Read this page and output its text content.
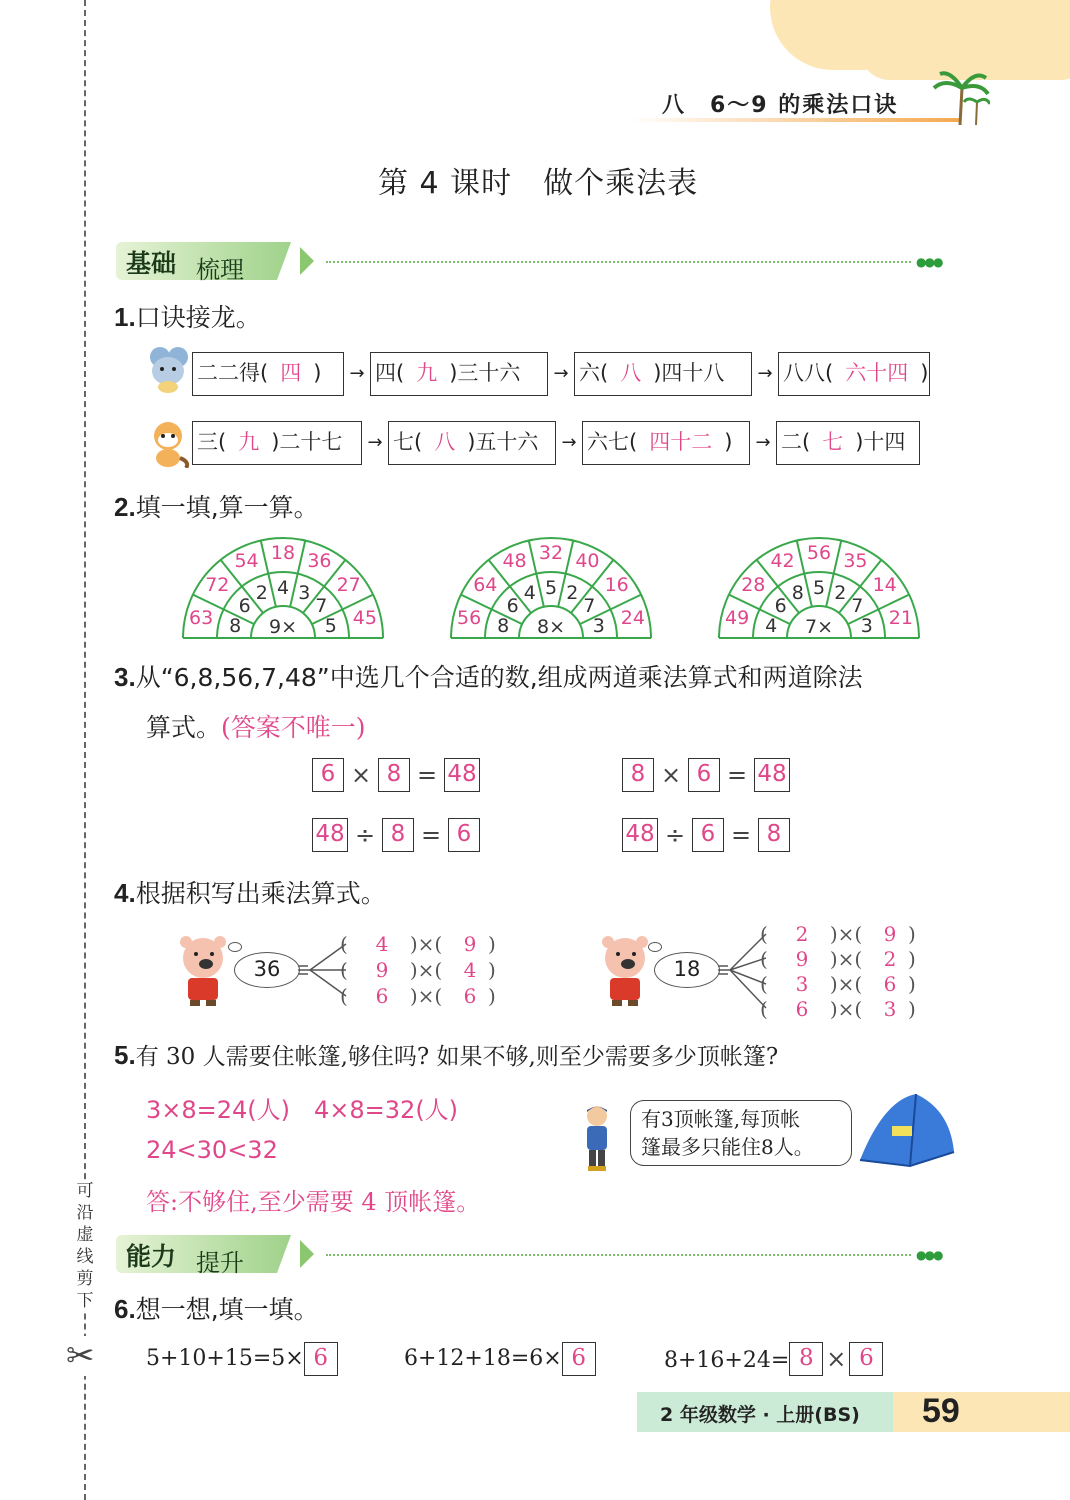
可沿虚线剪下
✂
八　6～9 的乘法口诀
第 4 课时　做个乘法表
基础 梳理	●●●
1.口诀接龙。
二二得( 四 )	→ 四( 九 )三十六	→ 六( 八 )四十八	→ 八八( 六十四 )
三( 九 )二十七	→ 七( 八 )五十六	→ 六七( 四十二 )	→ 二( 七 )十四
2.填一填,算一算。
8
63
6
72	2
54
4
18
3
36
7
27
5 45
9×	8
56
6
64	4
48
5
32
2
40
7
16
3 24
8×	4
49
6
28	8
42
5
56
2
35
7
14
3 21
7×
3.从“6,8,56,7,48”中选几个合适的数,组成两道乘法算式和两道除法
算式。(答案不唯一)
6 × 8 = 48	8 × 6 = 48
48 ÷ 8 = 6	48 ÷ 6 = 8
4.根据积写出乘法算式。
36
( 4 )×( 9 )
( 9 )×( 4 )
( 6 )×( 6 )
18
( 2 )×( 9 )
( 9 )×( 2 )
( 3 )×( 6 )
( 6 )×( 3 )
5.有 30 人需要住帐篷,够住吗? 如果不够,则至少需要多少顶帐篷?
3×8=24(人)　4×8=32(人)
24<30<32
答:不够住,至少需要 4 顶帐篷。
有3顶帐篷,每顶帐
篷最多只能住8人。
能力 提升	●●●
6.想一想,填一填。
5+10+15=5× 6	6+12+18=6× 6	8+16+24= 8 × 6
2 年级数学 · 上册(BS) 59
